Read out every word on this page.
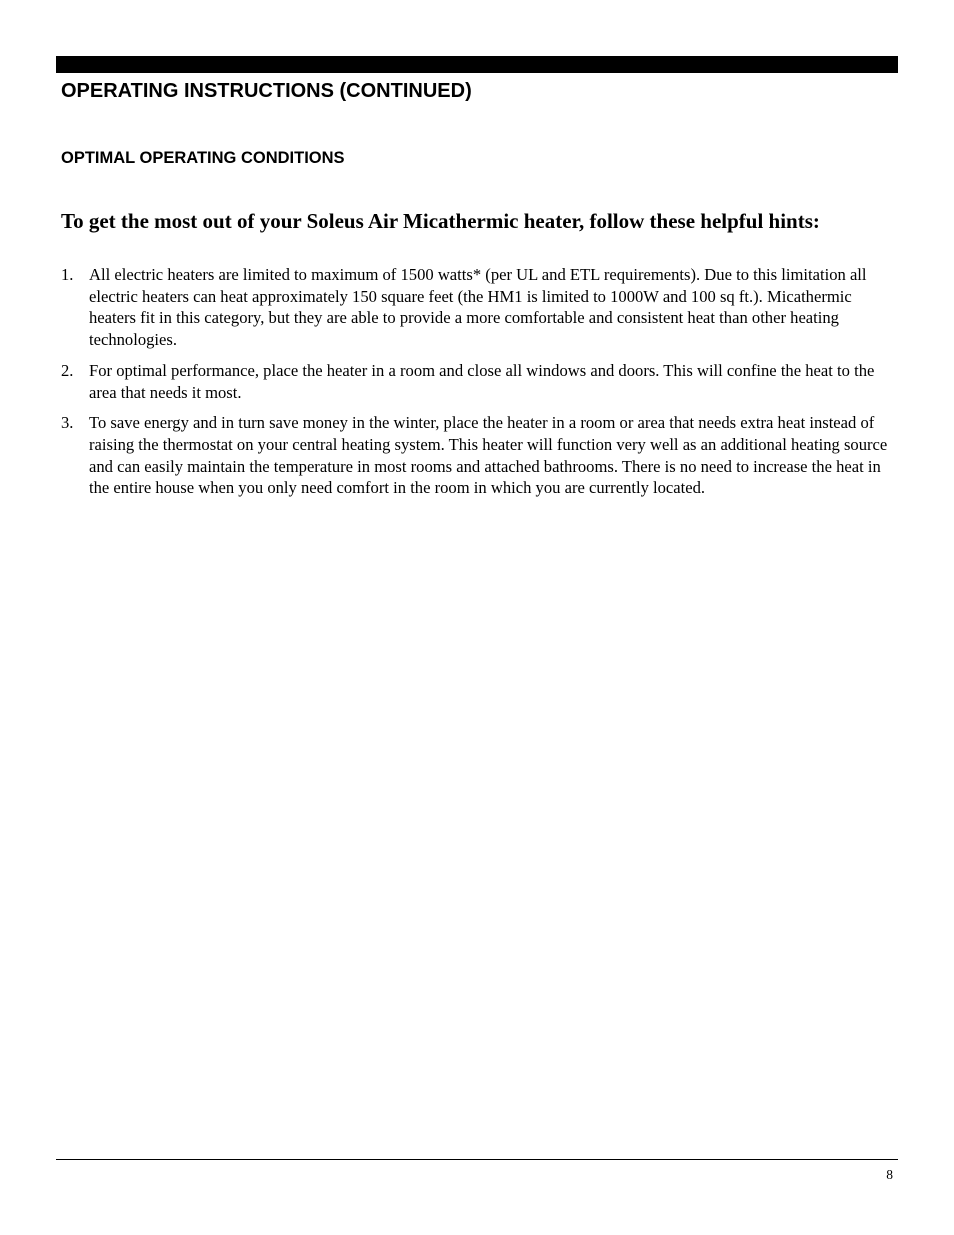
OPERATING INSTRUCTIONS (CONTINUED)
OPTIMAL OPERATING CONDITIONS
To get the most out of your Soleus Air Micathermic heater, follow these helpful hints:
1. All electric heaters are limited to maximum of 1500 watts* (per UL and ETL requirements). Due to this limitation all electric heaters can heat approximately 150 square feet (the HM1 is limited to 1000W and 100 sq ft.). Micathermic heaters fit in this category, but they are able to provide a more comfortable and consistent heat than other heating technologies.
2. For optimal performance, place the heater in a room and close all windows and doors. This will confine the heat to the area that needs it most.
3. To save energy and in turn save money in the winter, place the heater in a room or area that needs extra heat instead of raising the thermostat on your central heating system. This heater will function very well as an additional heating source and can easily maintain the temperature in most rooms and attached bathrooms. There is no need to increase the heat in the entire house when you only need comfort in the room in which you are currently located.
8
